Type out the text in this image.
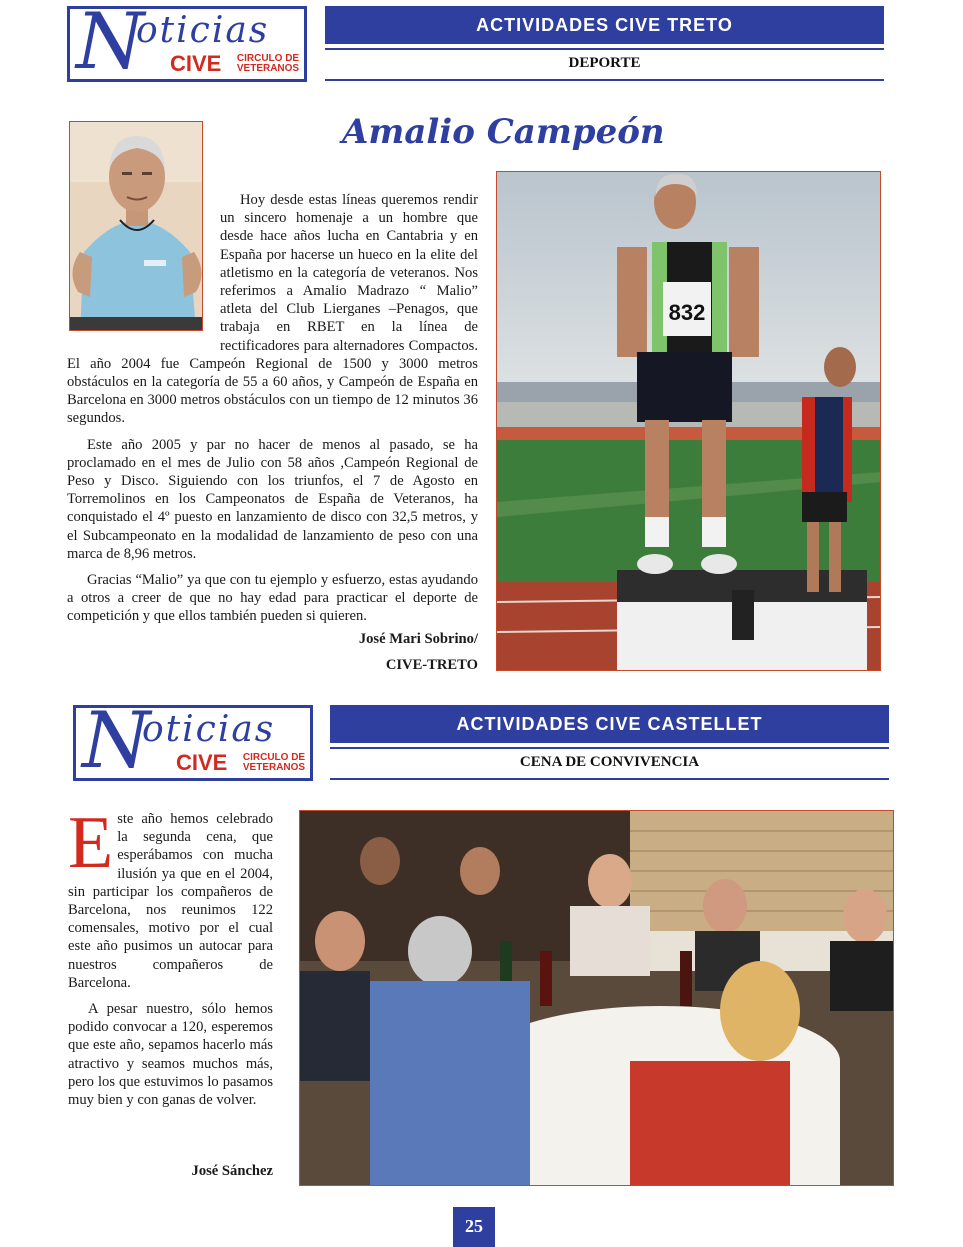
N
oticias
CIVE	CIRCULO DE
VETERANOS
ACTIVIDADES CIVE TRETO
DEPORTE
Amalio Campeón

Hoy desde estas líneas queremos rendir un sincero homenaje a un hombre que desde hace años lucha en Cantabria y en España por hacerse un hueco en la elite del atletismo en la categoría de veteranos. Nos referimos a Amalio Madrazo “ Malio” atleta del Club Lierganes –Penagos, que trabaja en RBET en la línea de rectificadores para alternadores Compactos. El año 2004 fue Campeón Regional de 1500 y 3000 metros obstáculos en la categoría de 55 a 60 años, y Campeón de España en Barcelona en 3000 metros obstáculos con un tiempo de 12 minutos 36 segundos.

Este año 2005 y par no hacer de menos al pasado, se ha proclamado en el mes de Julio con 58 años ,Campeón Regional de Peso y Disco. Siguiendo con los triunfos, el 7 de Agosto en Torremolinos en los Campeonatos de España de Veteranos, ha conquistado el 4º puesto en lanzamiento de disco con 32,5 metros, y el Subcampeonato en la modalidad de lanzamiento de peso con una marca de 8,96 metros.

Gracias “Malio” ya que con tu ejemplo y esfuerzo, estas ayudando a otros a creer de que no hay edad para practicar el deporte de competición y que ellos también pueden si quieren.

José Mari Sobrino/
CIVE-TRETO
832
1
N
oticias
CIVE	CIRCULO DE
VETERANOS
ACTIVIDADES CIVE CASTELLET
CENA DE CONVIVENCIA

Este año hemos celebrado la segunda cena, que esperábamos con mucha ilusión ya que en el 2004, sin participar los compañeros de Barcelona, nos reunimos 122 comensales, motivo por el cual este año pusimos un autocar para nuestros compañeros de Barcelona.

A pesar nuestro, sólo hemos podido convocar a 120, esperemos que este año, sepamos hacerlo más atractivo y seamos muchos más, pero los que estuvimos lo pasamos muy bien y con ganas de volver.

José Sánchez
25
